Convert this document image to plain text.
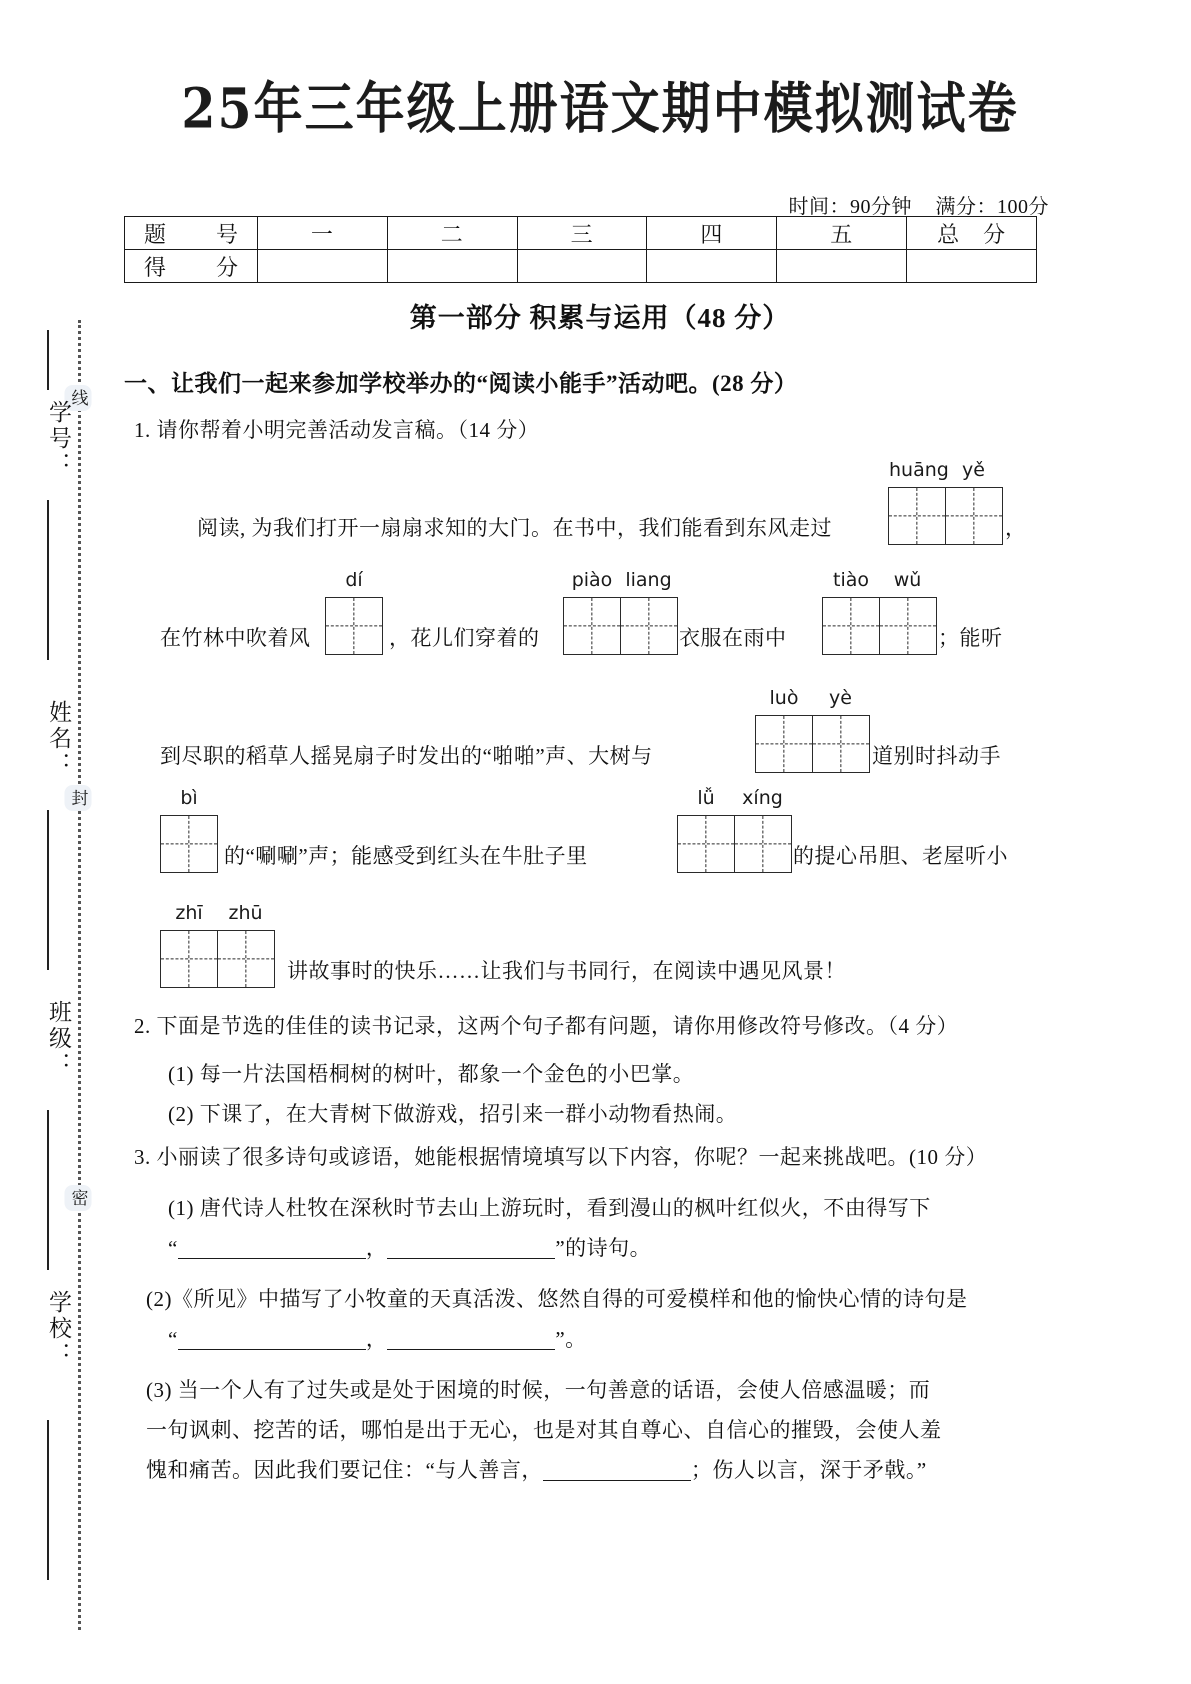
线
封
密
学号：
姓名：
班级：
学校：
25年三年级上册语文期中模拟测试卷
时间：90分钟 满分：100分
题　号	一	二	三	四	五	总　分
得　分						
第一部分 积累与运用（48 分）
一、让我们一起来参加学校举办的“阅读小能手”活动吧。(28 分）
1. 请你帮着小明完善活动发言稿。（14 分）
阅读, 为我们打开一扇扇求知的大门。在书中，我们能看到东风走过
huāng yě
，
在竹林中吹着风
dí
，花儿们穿着的
piào liang
衣服在雨中
tiào	wǔ
；能听
到尽职的稻草人摇晃扇子时发出的“啪啪”声、大树与
luò	yè
道别时抖动手
bì
的“唰唰”声；能感受到红头在牛肚子里
lǚ	xíng
的提心吊胆、老屋听小
zhī	zhū
讲故事时的快乐……让我们与书同行，在阅读中遇见风景！
2. 下面是节选的佳佳的读书记录，这两个句子都有问题，请你用修改符号修改。（4 分）
(1) 每一片法国梧桐树的树叶，都象一个金色的小巴掌。
(2) 下课了，在大青树下做游戏，招引来一群小动物看热闹。
3. 小丽读了很多诗句或谚语，她能根据情境填写以下内容，你呢？一起来挑战吧。(10 分）
(1) 唐代诗人杜牧在深秋时节去山上游玩时，看到漫山的枫叶红似火，不由得写下
“	，	”的诗句。
(2)《所见》中描写了小牧童的天真活泼、悠然自得的可爱模样和他的愉快心情的诗句是
“	，	”。
(3) 当一个人有了过失或是处于困境的时候，一句善意的话语，会使人倍感温暖；而
一句讽刺、挖苦的话，哪怕是出于无心，也是对其自尊心、自信心的摧毁，会使人羞
愧和痛苦。因此我们要记住：“与人善言，	；伤人以言，深于矛戟。”
